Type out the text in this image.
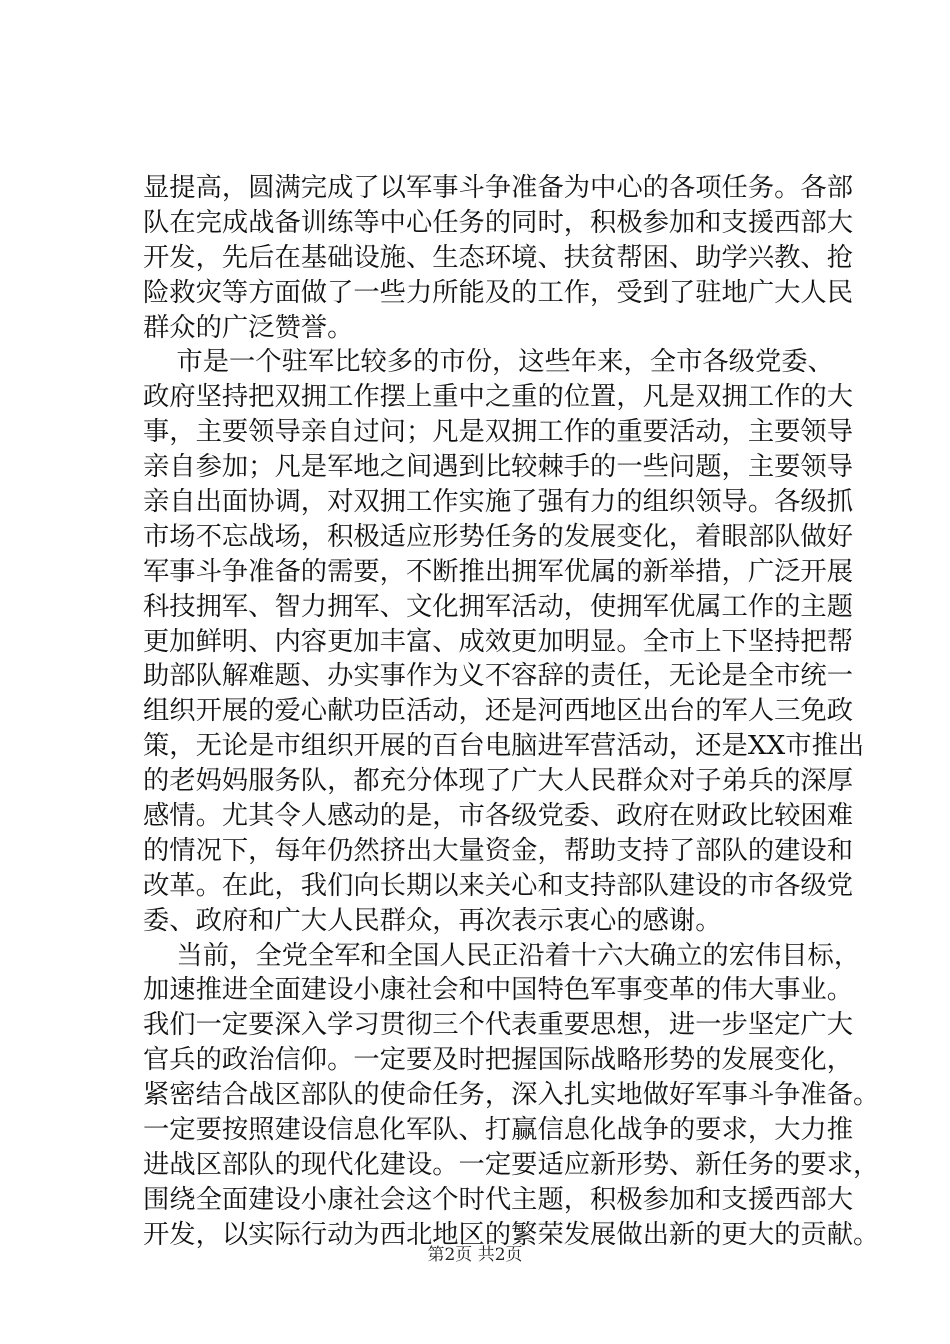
显提高，圆满完成了以军事斗争准备为中心的各项任务。各部
队在完成战备训练等中心任务的同时，积极参加和支援西部大
开发，先后在基础设施、生态环境、扶贫帮困、助学兴教、抢
险救灾等方面做了一些力所能及的工作，受到了驻地广大人民
群众的广泛赞誉。
市是一个驻军比较多的市份，这些年来，全市各级党委、
政府坚持把双拥工作摆上重中之重的位置，凡是双拥工作的大
事，主要领导亲自过问；凡是双拥工作的重要活动，主要领导
亲自参加；凡是军地之间遇到比较棘手的一些问题，主要领导
亲自出面协调，对双拥工作实施了强有力的组织领导。各级抓
市场不忘战场，积极适应形势任务的发展变化，着眼部队做好
军事斗争准备的需要，不断推出拥军优属的新举措，广泛开展
科技拥军、智力拥军、文化拥军活动，使拥军优属工作的主题
更加鲜明、内容更加丰富、成效更加明显。全市上下坚持把帮
助部队解难题、办实事作为义不容辞的责任，无论是全市统一
组织开展的爱心献功臣活动，还是河西地区出台的军人三免政
策，无论是市组织开展的百台电脑进军营活动，还是XX市推出
的老妈妈服务队，都充分体现了广大人民群众对子弟兵的深厚
感情。尤其令人感动的是，市各级党委、政府在财政比较困难
的情况下，每年仍然挤出大量资金，帮助支持了部队的建设和
改革。在此，我们向长期以来关心和支持部队建设的市各级党
委、政府和广大人民群众，再次表示衷心的感谢。
当前，全党全军和全国人民正沿着十六大确立的宏伟目标，
加速推进全面建设小康社会和中国特色军事变革的伟大事业。
我们一定要深入学习贯彻三个代表重要思想，进一步坚定广大
官兵的政治信仰。一定要及时把握国际战略形势的发展变化，
紧密结合战区部队的使命任务，深入扎实地做好军事斗争准备。
一定要按照建设信息化军队、打赢信息化战争的要求，大力推
进战区部队的现代化建设。一定要适应新形势、新任务的要求，
围绕全面建设小康社会这个时代主题，积极参加和支援西部大
开发，以实际行动为西北地区的繁荣发展做出新的更大的贡献。
第2页 共2页
